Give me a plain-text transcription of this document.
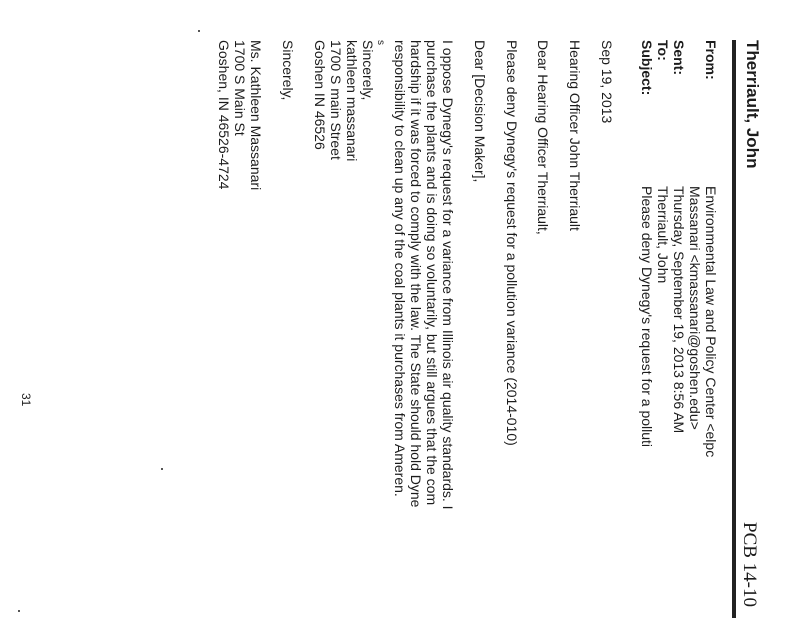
Therriault, John
PCB 14-10
From:
Environmental Law and Policy Center <elpc
Massanari <kmassanari@goshen.edu>
Sent:
Thursday, September 19, 2013 8:56 AM
To:
Therriault, John
Subject:
Please deny Dynegy's request for a polluti
Sep 19, 2013
Hearing Officer John Therriault
Dear Hearing Officer Therriault,
Please deny Dynegy's request for a pollution variance (2014-010)
Dear [Decision Maker],
I oppose Dynegy's request for a variance from Illinois air quality standards. I
purchase the plants and is doing so voluntarily, but still argues that the com
hardship if it was forced to comply with the law. The State should hold Dyne
responsibility to clean up any of the coal plants it purchases from Ameren.
s
Sincerely,
kathleen massanari
1700 S main Street
Goshen IN 46526
Sincerely,
Ms. Kathleen Massanari
1700 S Main St
Goshen, IN 46526-4724
31
